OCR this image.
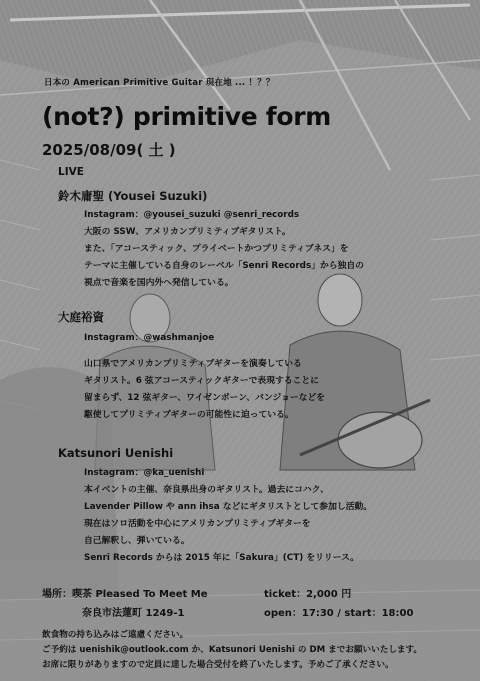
日本の American Primitive Guitar 現在地 ... ！？？
(not?) primitive form
2025/08/09( 土 )
LIVE
鈴木庸聖 (Yousei Suzuki)
Instagram：@yousei_suzuki @senri_records
大阪の SSW、アメリカンプリミティブギタリスト。
また、「アコースティック、プライベートかつプリミティブネス」を
テーマに主催している自身のレーベル「Senri Records」から独自の
視点で音楽を国内外へ発信している。
大庭裕資
Instagram：@washmanjoe
山口県でアメリカンプリミティブギターを演奏している
ギタリスト。6 弦アコースティックギターで表現することに
留まらず、12 弦ギター、ワイゼンボーン、バンジョーなどを
駆使してプリミティブギターの可能性に迫っている。
Katsunori Uenishi
Instagram：@ka_uenishi
本イベントの主催、奈良県出身のギタリスト。過去にコハク、
Lavender Pillow や ann ihsa などにギタリストとして参加し活動。
現在はソロ活動を中心にアメリカンプリミティブギターを
自己解釈し、弾いている。
Senri Records からは 2015 年に「Sakura」(CT) をリリース。
場所：喫茶 Pleased To Meet Me
奈良市法蓮町 1249-1
ticket：2,000 円
open：17:30 / start：18:00
飲食物の持ち込みはご遠慮ください。
ご予約は uenishik@outlook.com か、Katsunori Uenishi の DM までお願いいたします。
お席に限りがありますので定員に達した場合受付を終了いたします。予めご了承ください。
